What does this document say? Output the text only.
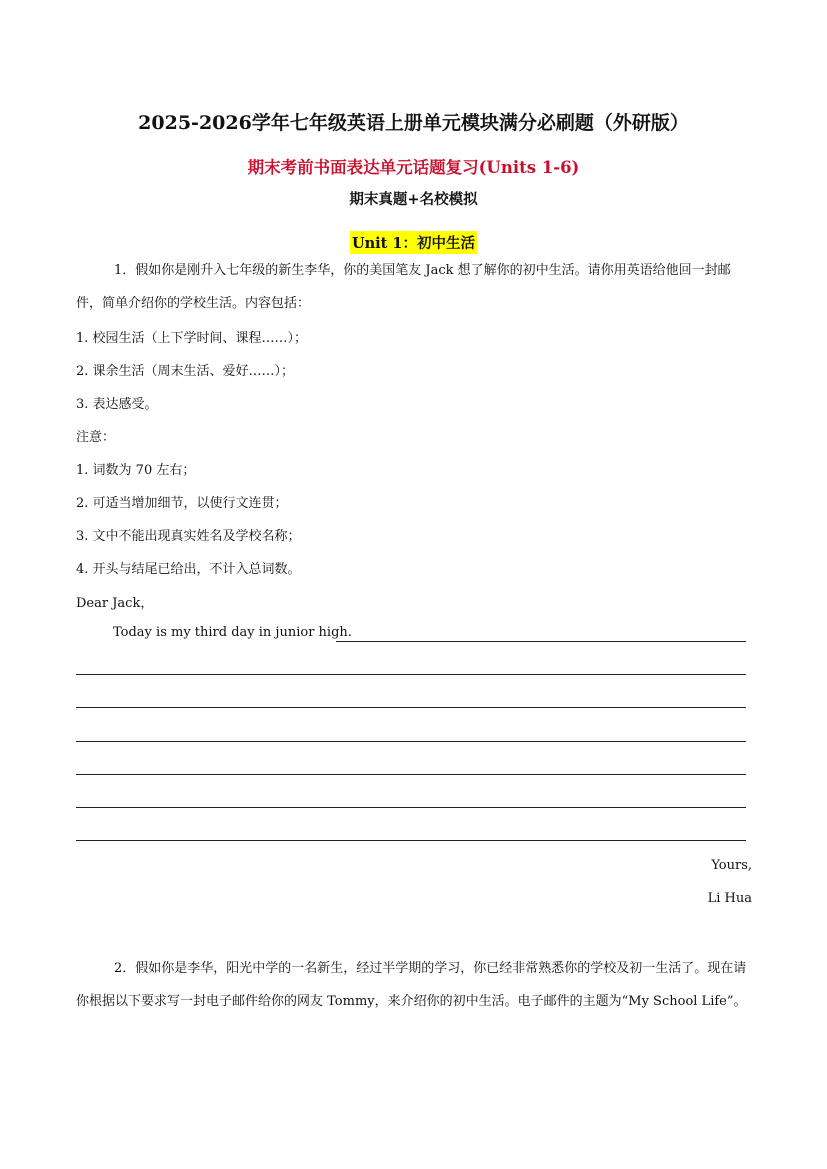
2025-2026学年七年级英语上册单元模块满分必刷题（外研版）
期末考前书面表达单元话题复习(Units 1-6)
期末真题+名校模拟
Unit 1：初中生活
1．假如你是刚升入七年级的新生李华，你的美国笔友 Jack 想了解你的初中生活。请你用英语给他回一封邮件，简单介绍你的学校生活。内容包括：
1. 校园生活（上下学时间、课程……）；
2. 课余生活（周末生活、爱好……）；
3. 表达感受。
注意：
1. 词数为 70 左右；
2. 可适当增加细节，以使行文连贯；
3. 文中不能出现真实姓名及学校名称；
4. 开头与结尾已给出，不计入总词数。
Dear Jack，
Today is my third day in junior high.
Yours,
Li Hua
2．假如你是李华，阳光中学的一名新生，经过半学期的学习，你已经非常熟悉你的学校及初一生活了。现在请你根据以下要求写一封电子邮件给你的网友 Tommy，来介绍你的初中生活。电子邮件的主题为“My School Life”。
